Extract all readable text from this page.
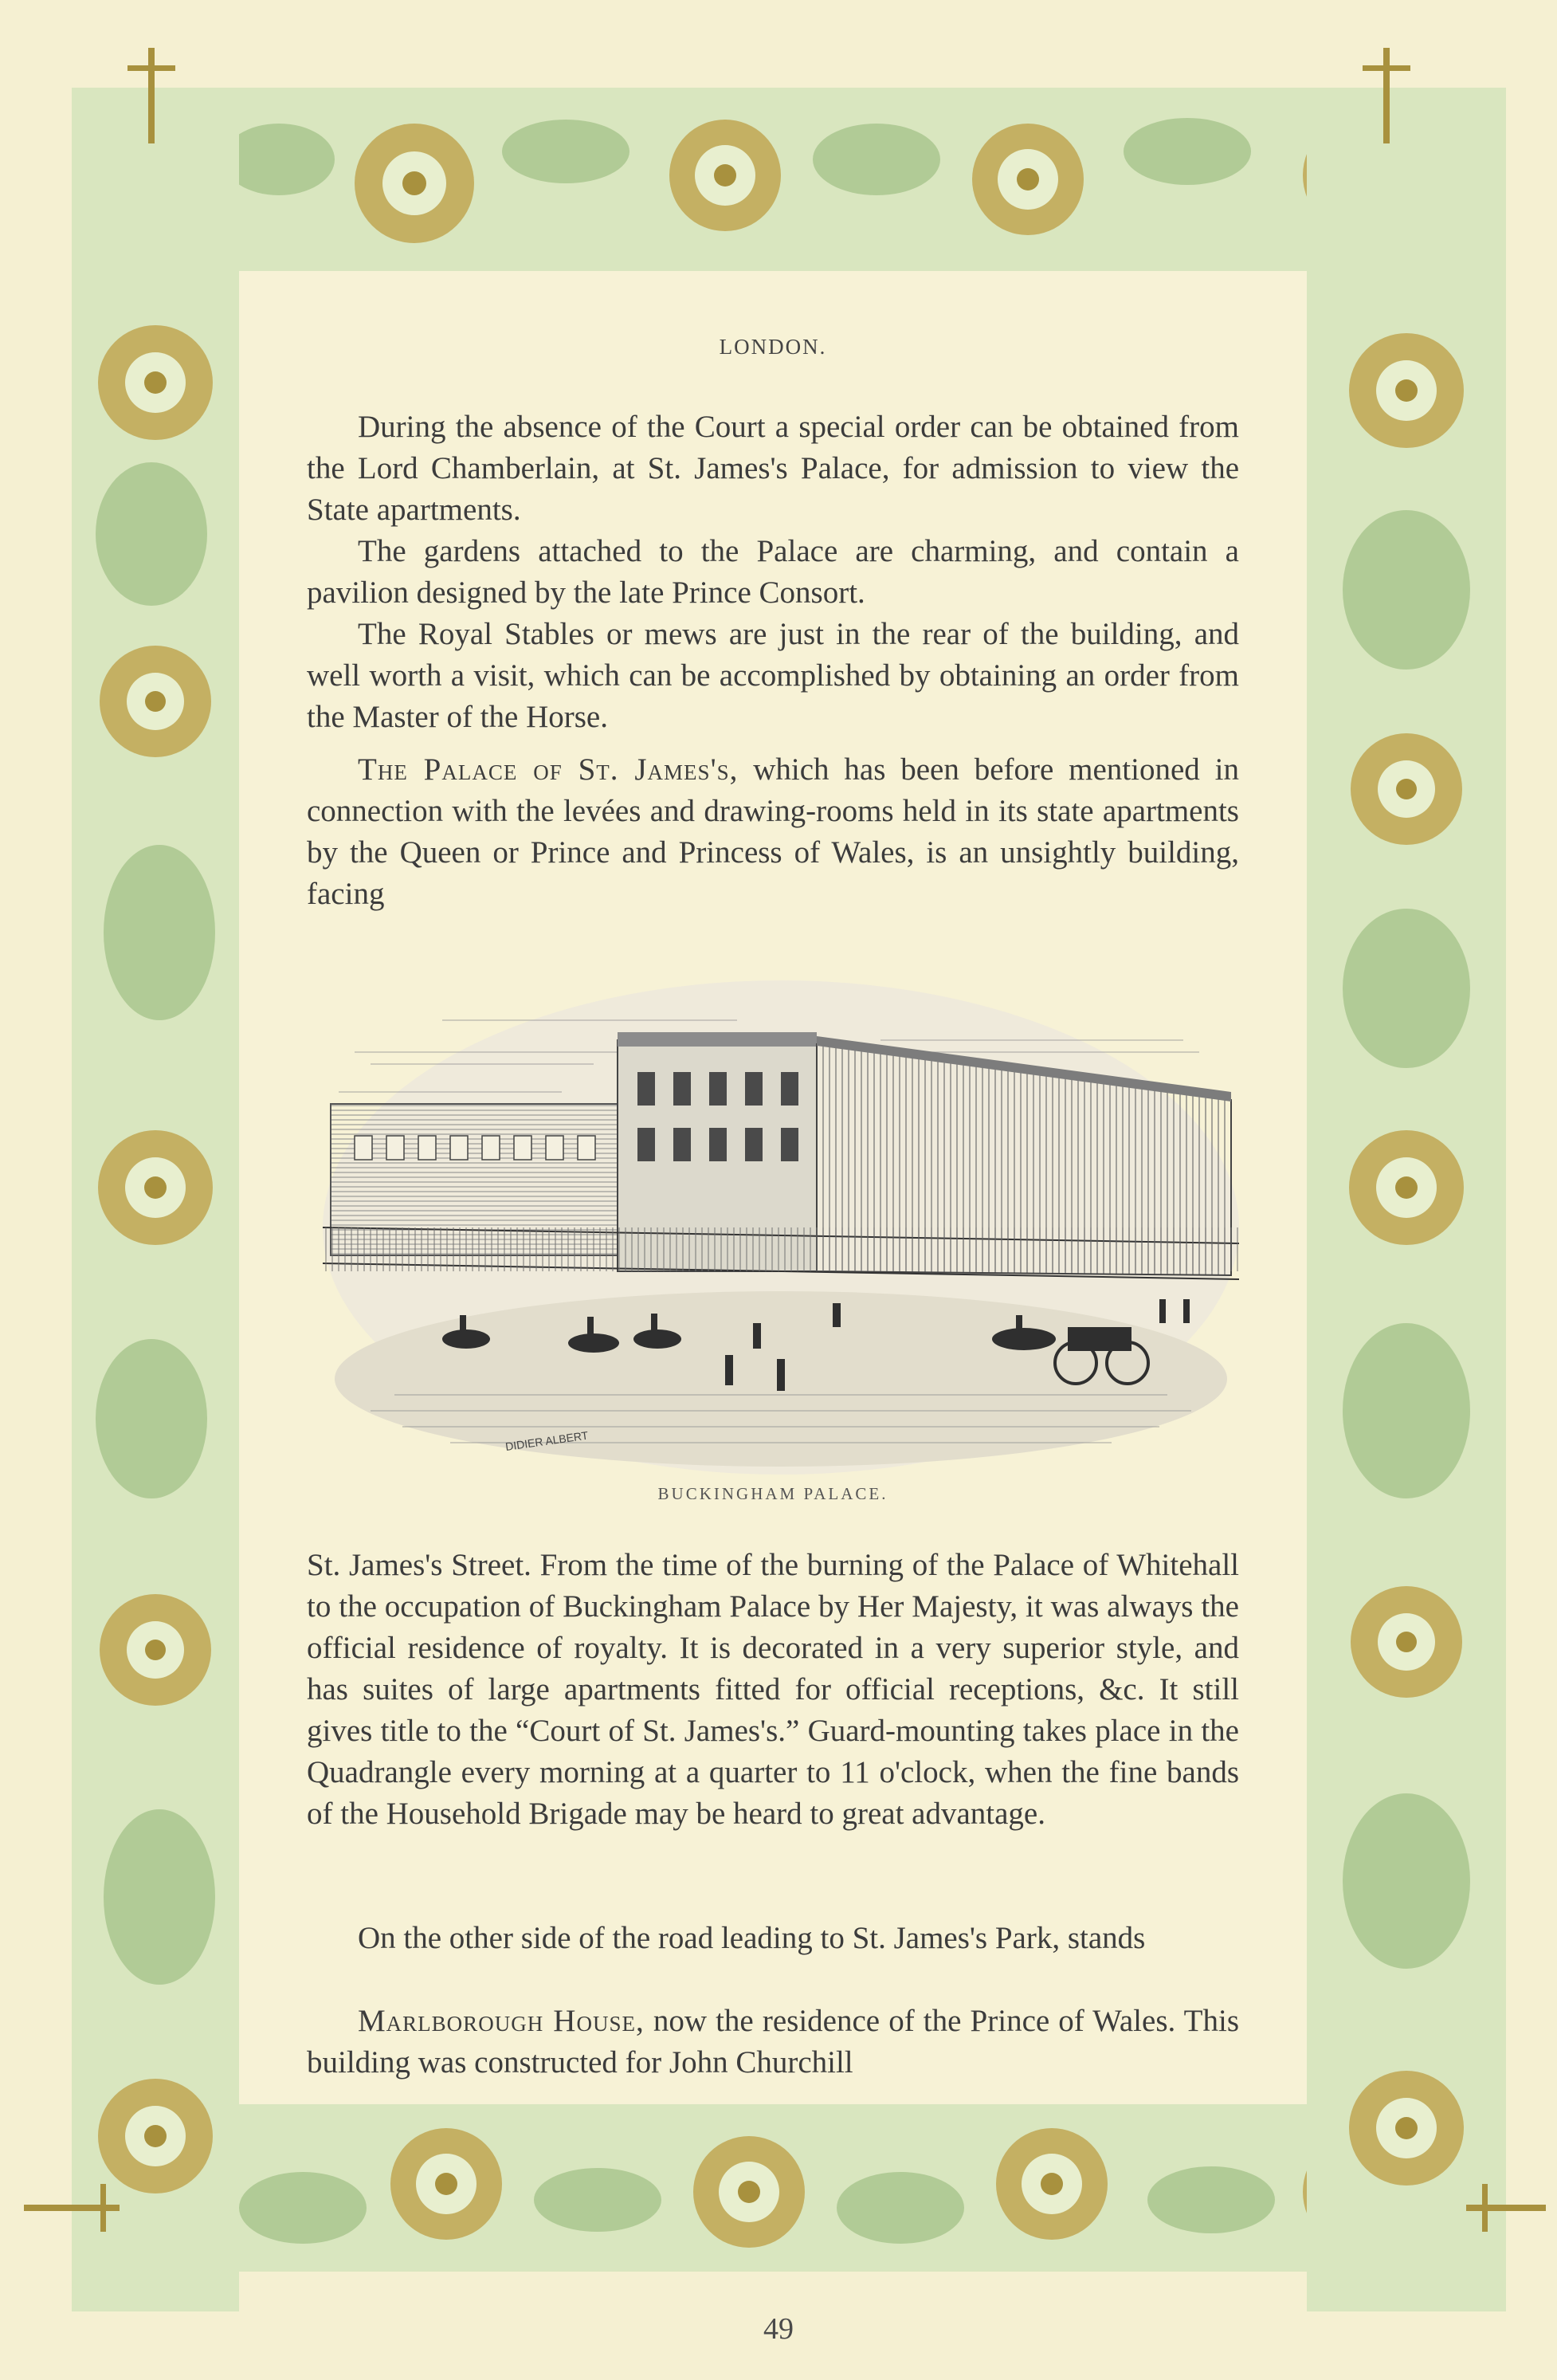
LONDON.

During the absence of the Court a special order can be obtained from the Lord Chamberlain, at St. James's Palace, for admission to view the State apartments.

The gardens attached to the Palace are charming, and contain a pavilion designed by the late Prince Consort.

The Royal Stables or mews are just in the rear of the building, and well worth a visit, which can be accomplished by obtaining an order from the Master of the Horse.

The Palace of St. James's, which has been before mentioned in connection with the levées and drawing-rooms held in its state apartments by the Queen or Prince and Princess of Wales, is an unsightly building, facing

St. James's Street. From the time of the burning of the Palace of Whitehall to the occupation of Buckingham Palace by Her Majesty, it was always the official residence of royalty. It is decorated in a very superior style, and has suites of large apartments fitted for official receptions, &c. It still gives title to the “Court of St. James's.” Guard-mounting takes place in the Quadrangle every morning at a quarter to 11 o'clock, when the fine bands of the Household Brigade may be heard to great advantage.

On the other side of the road leading to St. James's Park, stands

Marlborough House, now the residence of the Prince of Wales. This building was constructed for John Churchill

DIDIER ALBERT
BUCKINGHAM PALACE.
49
